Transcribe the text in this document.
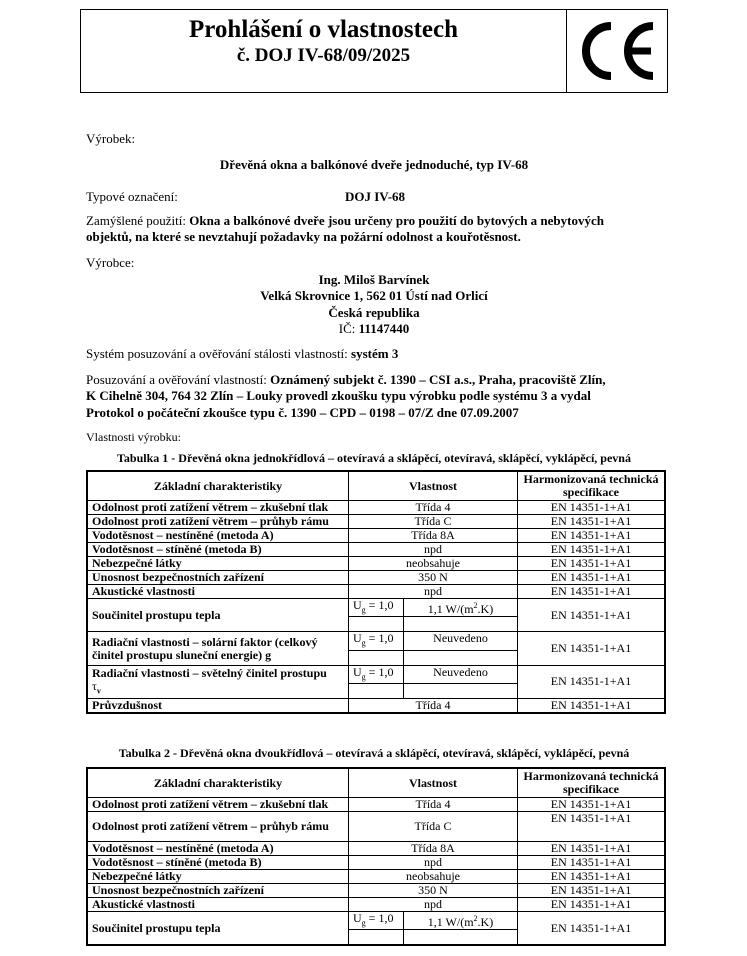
Prohlášení o vlastnostech
č. DOJ IV-68/09/2025
Výrobek:
Dřevěná okna a balkónové dveře jednoduché, typ IV-68
Typové označení:	DOJ IV-68
Zamýšlené použití: Okna a balkónové dveře jsou určeny pro použití do bytových a nebytových
objektů, na které se nevztahují požadavky na požární odolnost a kouřotěsnost.
Výrobce:
Ing. Miloš Barvínek
Velká Skrovnice 1, 562 01 Ústí nad Orlicí
Česká republika
IČ: 11147440
Systém posuzování a ověřování stálosti vlastností: systém 3
Posuzování a ověřování vlastností: Oznámený subjekt č. 1390 – CSI a.s., Praha, pracoviště Zlín,
K Cihelně 304, 764 32 Zlín – Louky provedl zkoušku typu výrobku podle systému 3 a vydal
Protokol o počáteční zkoušce typu č. 1390 – CPD – 0198 – 07/Z dne 07.09.2007
Vlastnosti výrobku:
Tabulka 1 - Dřevěná okna jednokřídlová – otevíravá a sklápěcí, otevíravá, sklápěcí, vyklápěcí, pevná
Základní charakteristiky	Vlastnost		Harmonizovaná technická specifikace
Odolnost proti zatížení větrem – zkušební tlak	Třída 4		EN 14351-1+A1
Odolnost proti zatížení větrem – průhyb rámu	Třída C		EN 14351-1+A1
Vodotěsnost – nestíněné (metoda A)	Třída 8A		EN 14351-1+A1
Vodotěsnost – stíněné (metoda B)	npd		EN 14351-1+A1
Nebezpečné látky	neobsahuje		EN 14351-1+A1
Unosnost bezpečnostních zařízení	350 N		EN 14351-1+A1
Akustické vlastnosti	npd		EN 14351-1+A1
Součinitel prostupu tepla	$U_g = 1,0$	1,1 $W/(m^2.K)$	EN 14351-1+A1

Radiační vlastnosti – solární faktor (celkový činitel prostupu sluneční energie) g	$U_g = 1,0$	Neuvedeno	EN 14351-1+A1

Radiační vlastnosti – světelný činitel prostupu
$\tau_v$	$U_g = 1,0$	Neuvedeno	EN 14351-1+A1

Průvzdušnost	Třída 4		EN 14351-1+A1
Tabulka 2 - Dřevěná okna dvoukřídlová – otevíravá a sklápěcí, otevíravá, sklápěcí, vyklápěcí, pevná
Základní charakteristiky	Vlastnost		Harmonizovaná technická specifikace
Odolnost proti zatížení větrem – zkušební tlak	Třída 4		EN 14351-1+A1
Odolnost proti zatížení větrem – průhyb rámu	Třída C		EN 14351-1+A1
Vodotěsnost – nestíněné (metoda A)	Třída 8A		EN 14351-1+A1
Vodotěsnost – stíněné (metoda B)	npd		EN 14351-1+A1
Nebezpečné látky	neobsahuje		EN 14351-1+A1
Unosnost bezpečnostních zařízení	350 N		EN 14351-1+A1
Akustické vlastnosti	npd		EN 14351-1+A1
Součinitel prostupu tepla	$U_g = 1,0$	1,1 $W/(m^2.K)$	EN 14351-1+A1
